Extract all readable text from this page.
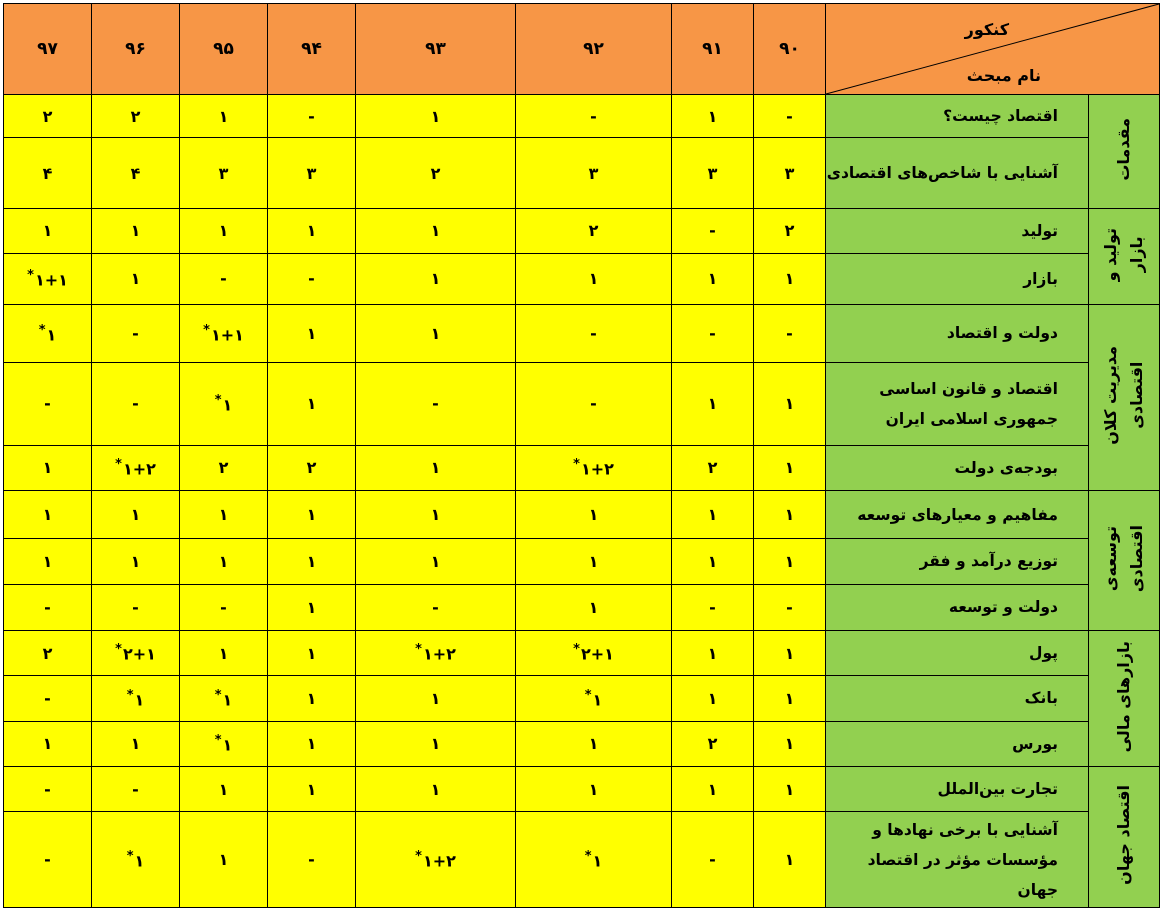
کنکور
نام مبحث		۹۰	۹۱	۹۲	۹۳	۹۴	۹۵	۹۶	۹۷
مقدمات	اقتصاد چیست؟	-	۱	-	۱	-	۱	۲	۲
	آشنایی با شاخص‌های اقتصادی	۳	۳	۳	۲	۳	۳	۴	۴
تولید و
بازار	تولید	۲	-	۲	۱	۱	۱	۱	۱
	بازار	۱	۱	۱	۱	-	-	۱	۱+۱*
مدیریت کلان
اقتصادی	دولت و اقتصاد	-	-	-	۱	۱	۱+۱*	-	۱*
	اقتصاد و قانون اساسی جمهوری اسلامی ایران	۱	۱	-	-	۱	۱*	-	-
	بودجه‌ی دولت	۱	۲	۱+۲*	۱	۲	۲	۱+۲*	۱
توسعه‌ی
اقتصادی	مفاهیم و معیارهای توسعه	۱	۱	۱	۱	۱	۱	۱	۱
	توزیع درآمد و فقر	۱	۱	۱	۱	۱	۱	۱	۱
	دولت و توسعه	-	-	۱	-	۱	-	-	-
بازارهای مالی	پول	۱	۱	۲+۱*	۱+۲*	۱	۱	۲+۱*	۲
	بانک	۱	۱	۱*	۱	۱	۱*	۱*	-
	بورس	۱	۲	۱	۱	۱	۱*	۱	۱
اقتصاد جهان	تجارت بین‌الملل	۱	۱	۱	۱	۱	۱	-	-
	آشنایی با برخی نهادها و مؤسسات مؤثر در اقتصاد جهان	۱	-	۱*	۱+۲*	-	۱	۱*	-
